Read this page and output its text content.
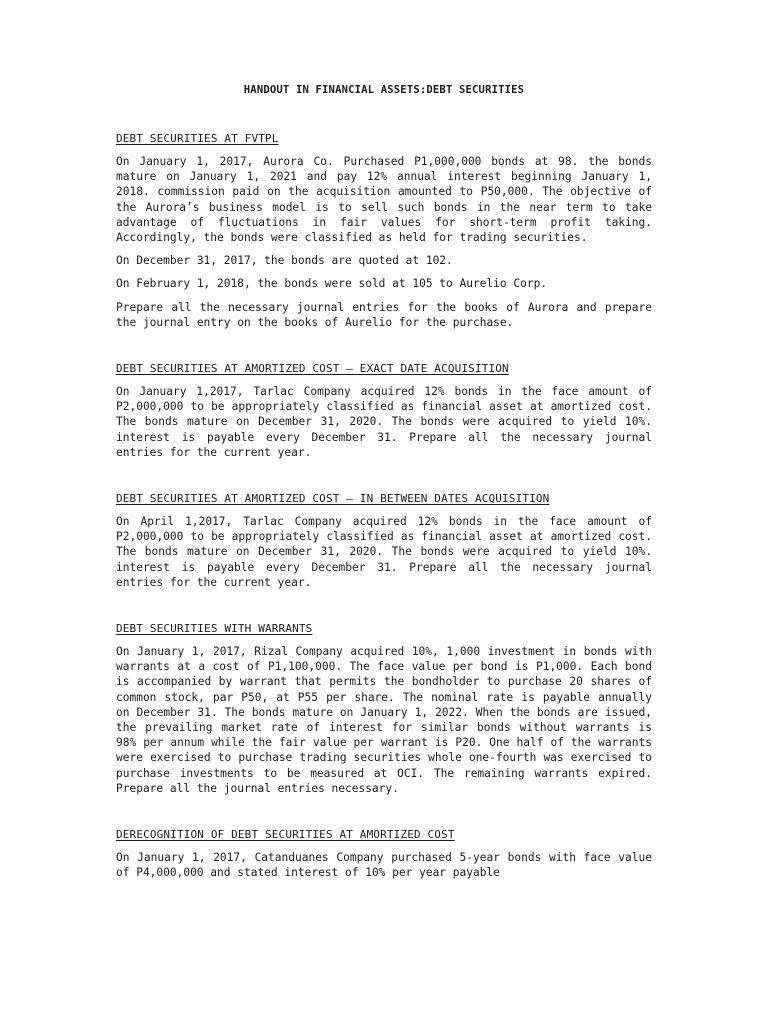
HANDOUT IN FINANCIAL ASSETS:DEBT SECURITIES
DEBT SECURITIES AT FVTPL

On January 1, 2017, Aurora Co. Purchased P1,000,000 bonds at 98. the bonds mature on January 1, 2021 and pay 12% annual interest beginning January 1, 2018. commission paid on the acquisition amounted to P50,000. The objective of the Aurora’s business model is to sell such bonds in the near term to take advantage of fluctuations in fair values for short-term profit taking. Accordingly, the bonds were classified as held for trading securities.

On December 31, 2017, the bonds are quoted at 102.

On February 1, 2018, the bonds were sold at 105 to Aurelio Corp.

Prepare all the necessary journal entries for the books of Aurora and prepare the journal entry on the books of Aurelio for the purchase.

DEBT SECURITIES AT AMORTIZED COST – EXACT DATE ACQUISITION

On January 1,2017, Tarlac Company acquired 12% bonds in the face amount of P2,000,000 to be appropriately classified as financial asset at amortized cost. The bonds mature on December 31, 2020. The bonds were acquired to yield 10%. interest is payable every December 31. Prepare all the necessary journal entries for the current year.

DEBT SECURITIES AT AMORTIZED COST – IN BETWEEN DATES ACQUISITION

On April 1,2017, Tarlac Company acquired 12% bonds in the face amount of P2,000,000 to be appropriately classified as financial asset at amortized cost. The bonds mature on December 31, 2020. The bonds were acquired to yield 10%. interest is payable every December 31. Prepare all the necessary journal entries for the current year.

DEBT SECURITIES WITH WARRANTS

On January 1, 2017, Rizal Company acquired 10%, 1,000 investment in bonds with warrants at a cost of P1,100,000. The face value per bond is P1,000. Each bond is accompanied by warrant that permits the bondholder to purchase 20 shares of common stock, par P50, at P55 per share. The nominal rate is payable annually on December 31. The bonds mature on January 1, 2022. When the bonds are issued, the prevailing market rate of interest for similar bonds without warrants is 98% per annum while the fair value per warrant is P20. One half of the warrants were exercised to purchase trading securities whole one-fourth was exercised to purchase investments to be measured at OCI. The remaining warrants expired. Prepare all the journal entries necessary.

DERECOGNITION OF DEBT SECURITIES AT AMORTIZED COST

On January 1, 2017, Catanduanes Company purchased 5-year bonds with face value of P4,000,000 and stated interest of 10% per year payable
